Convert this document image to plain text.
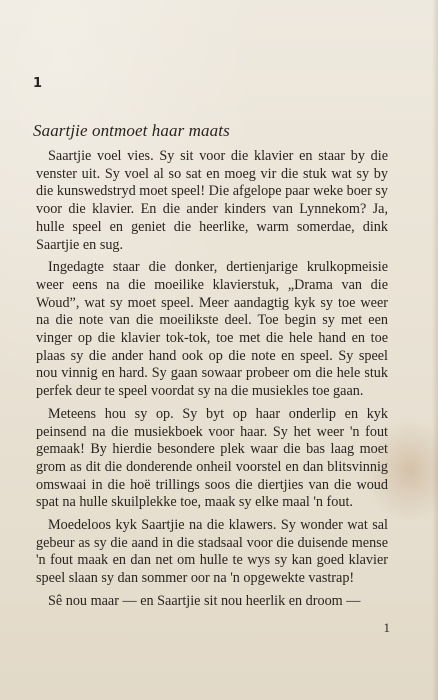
1
Saartjie ontmoet haar maats

Saartjie voel vies. Sy sit voor die klavier en staar by die venster uit. Sy voel al so sat en moeg vir die stuk wat sy by die kunswedstryd moet speel! Die afgelope paar weke boer sy voor die klavier. En die ander kinders van Lynnekom? Ja, hulle speel en geniet die heerlike, warm somerdae, dink Saartjie en sug.

Ingedagte staar die donker, dertienjarige krulkopmeisie weer eens na die moeilike klavierstuk, „Drama van die Woud”, wat sy moet speel. Meer aandagtig kyk sy toe weer na die note van die moeilikste deel. Toe begin sy met een vinger op die klavier tok-tok, toe met die hele hand en toe plaas sy die ander hand ook op die note en speel. Sy speel nou vinnig en hard. Sy gaan sowaar probeer om die hele stuk perfek deur te speel voordat sy na die musiekles toe gaan.

Meteens hou sy op. Sy byt op haar onderlip en kyk peinsend na die musiekboek voor haar. Sy het weer 'n fout gemaak! By hierdie besondere plek waar die bas laag moet grom as dit die donderende onheil voorstel en dan blitsvinnig omswaai in die hoë trillings soos die diertjies van die woud spat na hulle skuilplekke toe, maak sy elke maal 'n fout.

Moedeloos kyk Saartjie na die klawers. Sy wonder wat sal gebeur as sy die aand in die stadsaal voor die duisende mense 'n fout maak en dan net om hulle te wys sy kan goed klavier speel slaan sy dan sommer oor na 'n opgewekte vastrap!

Sê nou maar — en Saartjie sit nou heerlik en droom —

1
